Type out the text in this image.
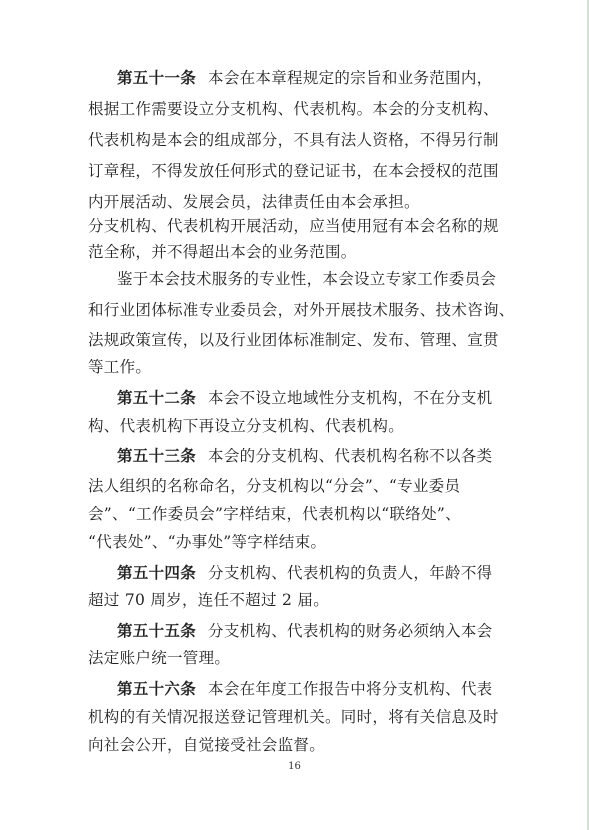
第五十一条 本会在本章程规定的宗旨和业务范围内，
根据工作需要设立分支机构、代表机构。本会的分支机构、
代表机构是本会的组成部分，不具有法人资格，不得另行制
订章程，不得发放任何形式的登记证书，在本会授权的范围
内开展活动、发展会员，法律责任由本会承担。
分支机构、代表机构开展活动，应当使用冠有本会名称的规
范全称，并不得超出本会的业务范围。
鉴于本会技术服务的专业性，本会设立专家工作委员会
和行业团体标准专业委员会，对外开展技术服务、技术咨询、
法规政策宣传，以及行业团体标准制定、发布、管理、宣贯
等工作。
第五十二条 本会不设立地域性分支机构，不在分支机
构、代表机构下再设立分支机构、代表机构。
第五十三条 本会的分支机构、代表机构名称不以各类
法人组织的名称命名，分支机构以“分会”、“专业委员
会”、“工作委员会”字样结束，代表机构以“联络处”、
“代表处”、“办事处”等字样结束。
第五十四条 分支机构、代表机构的负责人，年龄不得
超过 70 周岁，连任不超过 2 届。
第五十五条 分支机构、代表机构的财务必须纳入本会
法定账户统一管理。
第五十六条 本会在年度工作报告中将分支机构、代表
机构的有关情况报送登记管理机关。同时，将有关信息及时
向社会公开，自觉接受社会监督。
16
